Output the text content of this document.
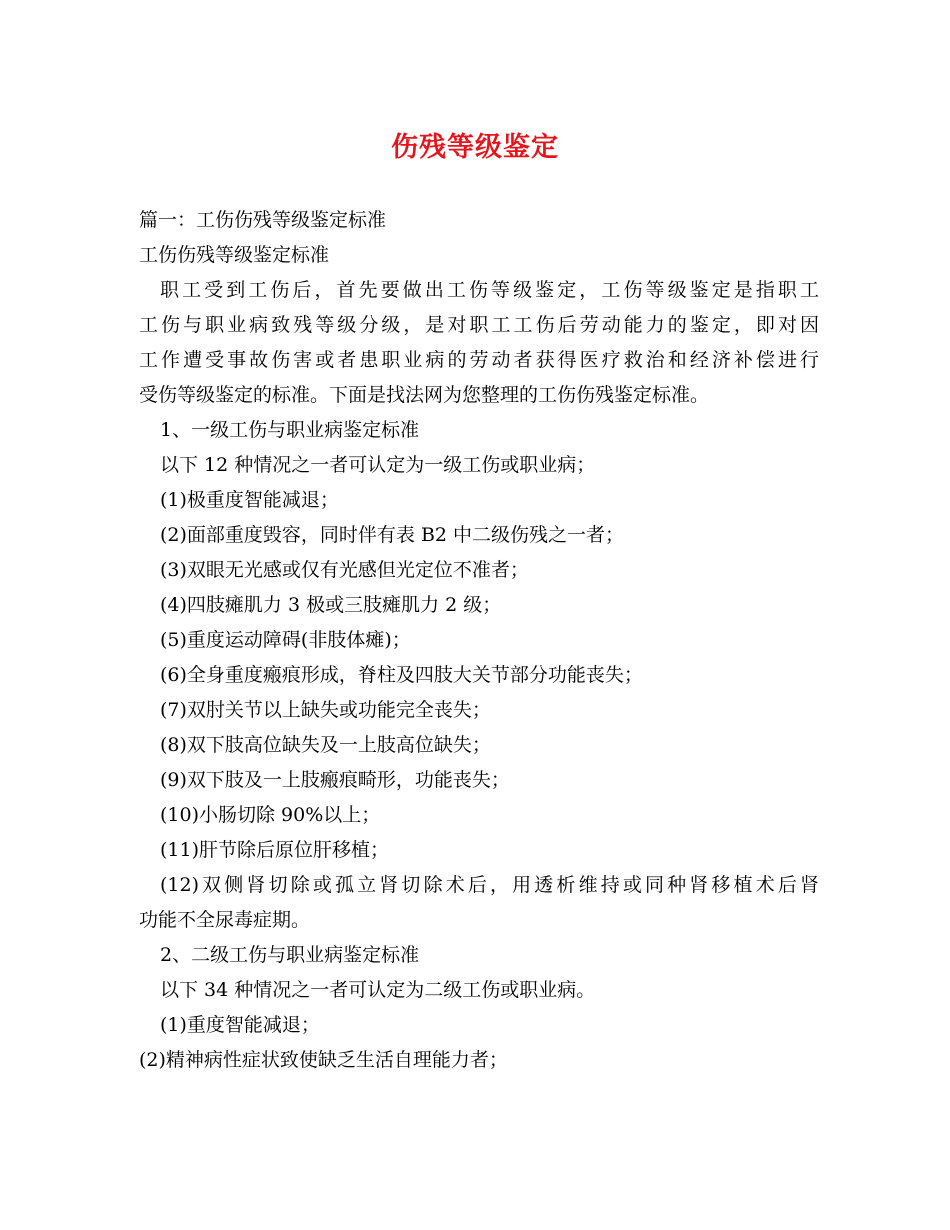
伤残等级鉴定

篇一：工伤伤残等级鉴定标准

工伤伤残等级鉴定标准

职工受到工伤后，首先要做出工伤等级鉴定，工伤等级鉴定是指职工

工伤与职业病致残等级分级，是对职工工伤后劳动能力的鉴定，即对因

工作遭受事故伤害或者患职业病的劳动者获得医疗救治和经济补偿进行

受伤等级鉴定的标准。下面是找法网为您整理的工伤伤残鉴定标准。

1、一级工伤与职业病鉴定标准

以下 12 种情况之一者可认定为一级工伤或职业病；

(1)极重度智能减退；

(2)面部重度毁容，同时伴有表 B2 中二级伤残之一者；

(3)双眼无光感或仅有光感但光定位不准者；

(4)四肢瘫肌力 3 极或三肢瘫肌力 2 级；

(5)重度运动障碍(非肢体瘫)；

(6)全身重度瘢痕形成，脊柱及四肢大关节部分功能丧失；

(7)双肘关节以上缺失或功能完全丧失；

(8)双下肢高位缺失及一上肢高位缺失；

(9)双下肢及一上肢瘢痕畸形，功能丧失；

(10)小肠切除 90%以上；

(11)肝节除后原位肝移植；

(12)双侧肾切除或孤立肾切除术后，用透析维持或同种肾移植术后肾

功能不全尿毒症期。

2、二级工伤与职业病鉴定标准

以下 34 种情况之一者可认定为二级工伤或职业病。

(1)重度智能减退；

(2)精神病性症状致使缺乏生活自理能力者；
